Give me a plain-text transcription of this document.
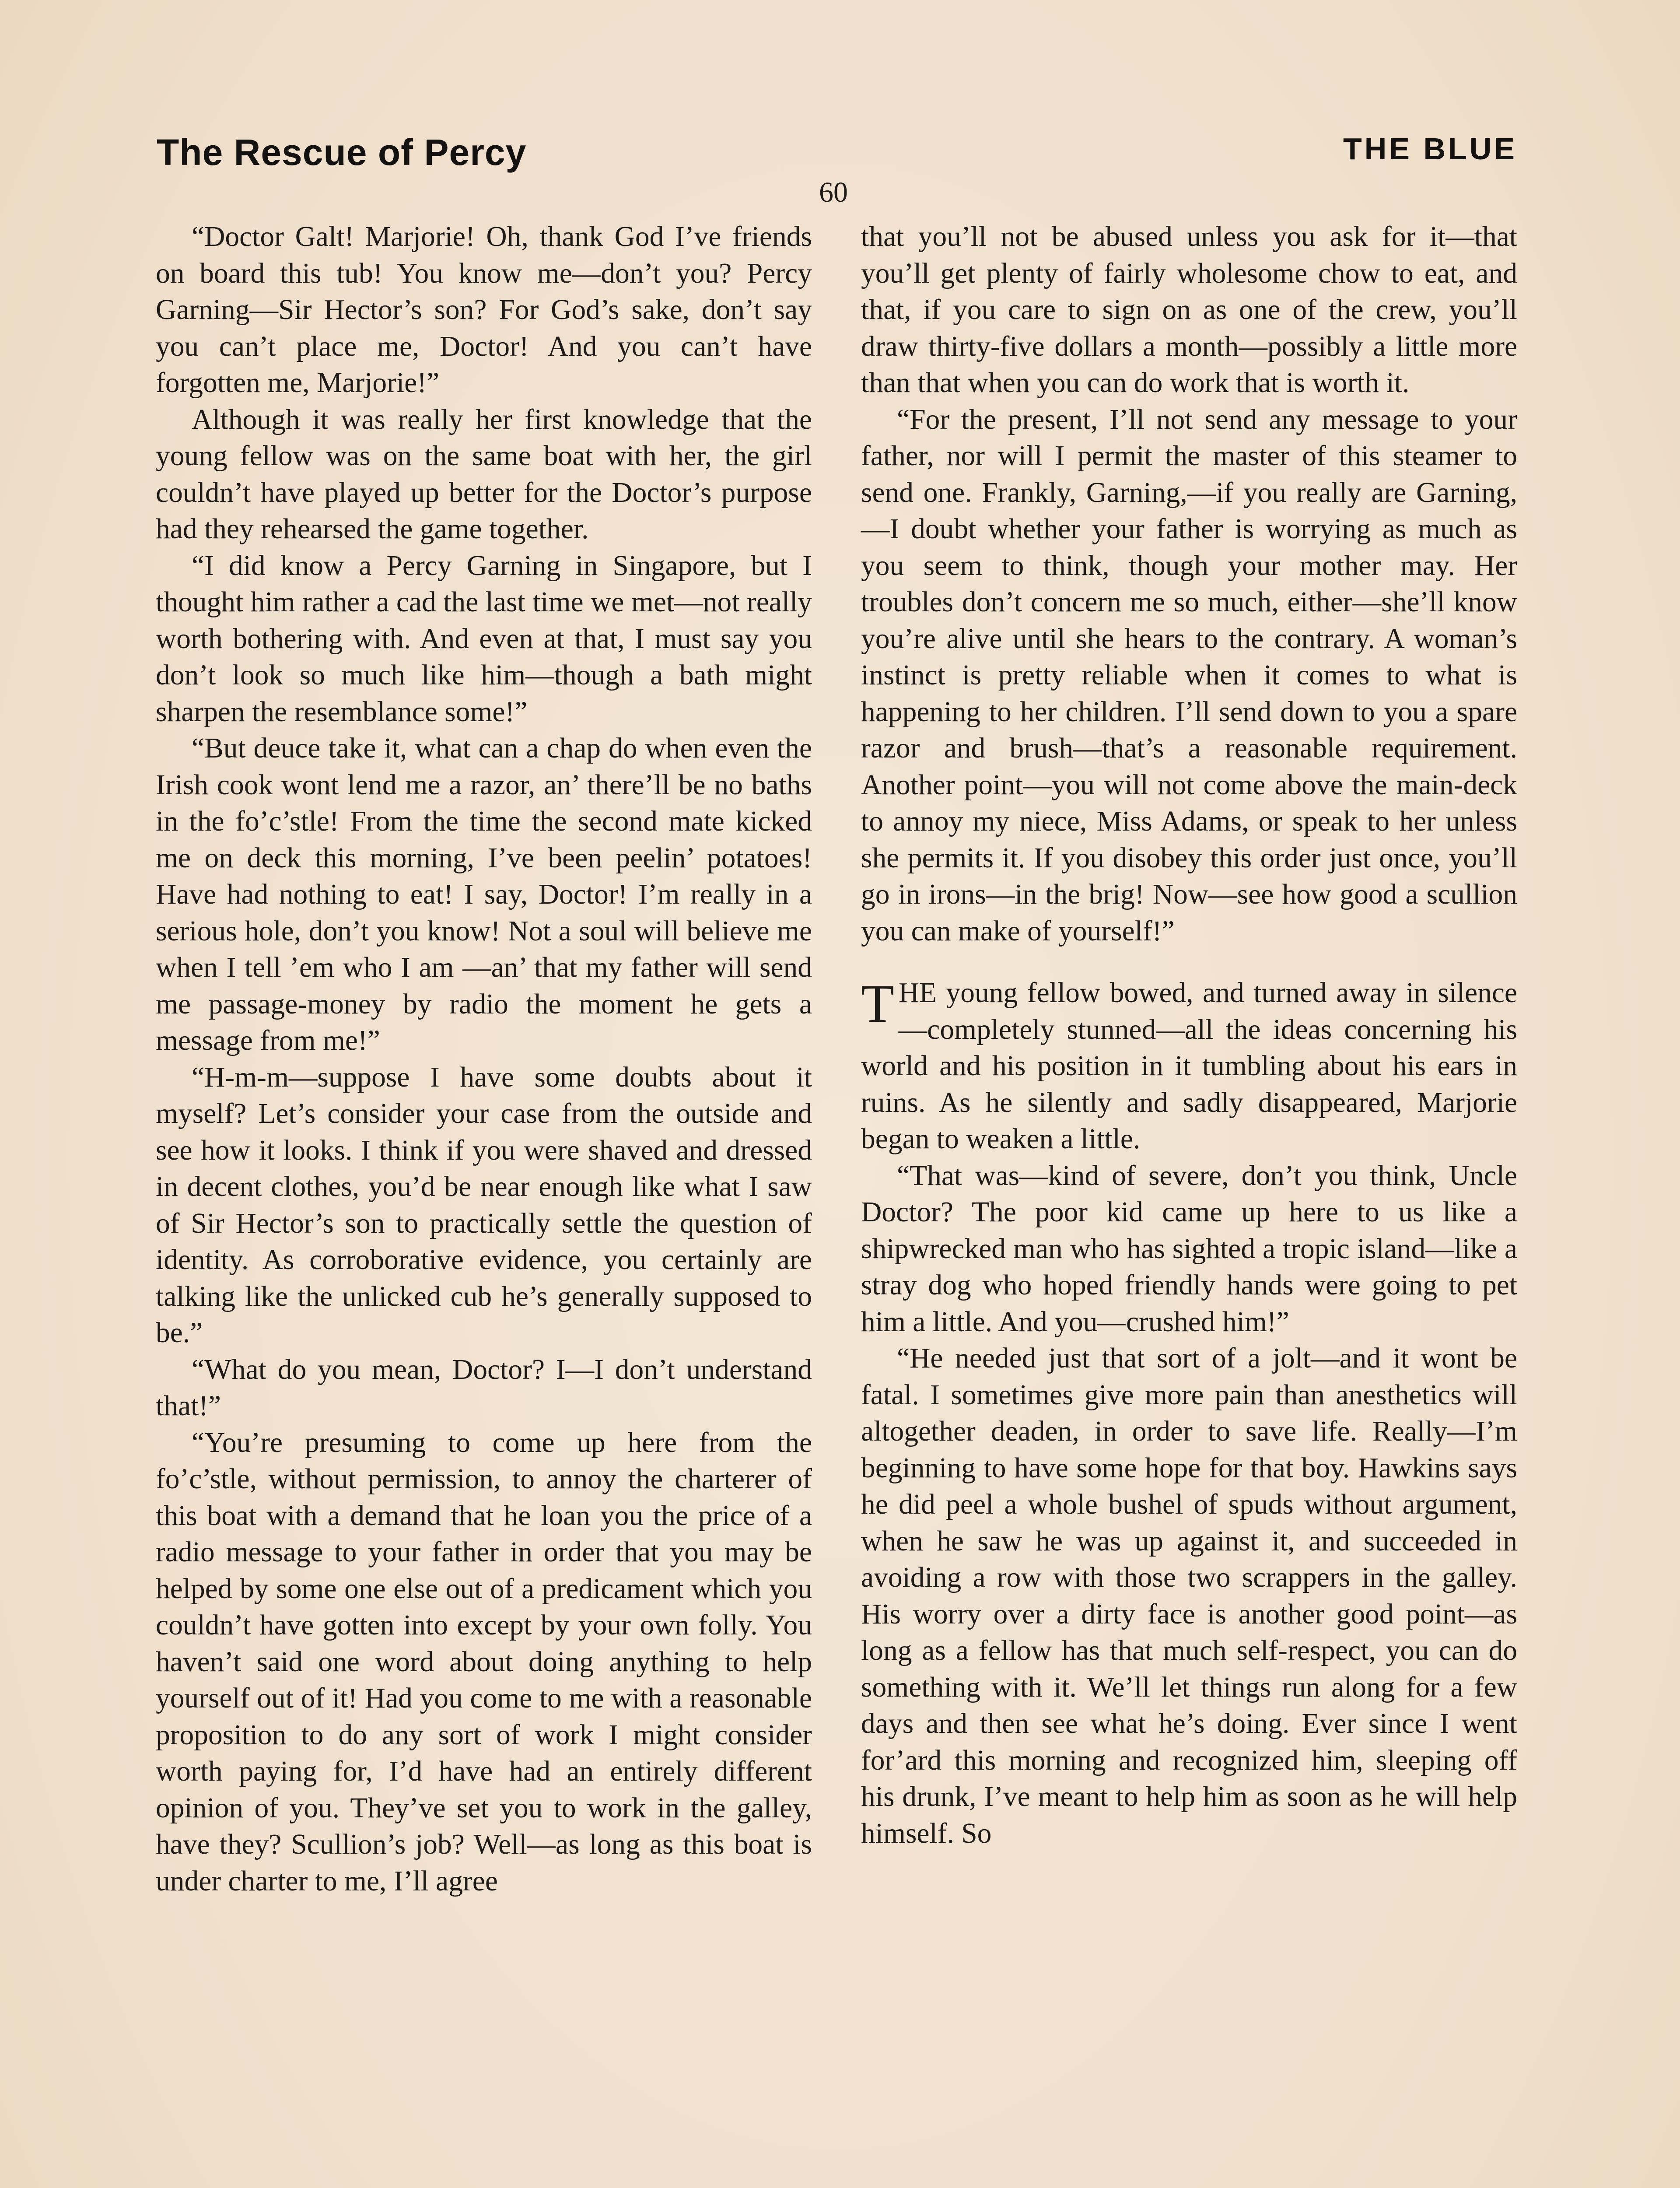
The Rescue of Percy	THE BLUE
60

“Doctor Galt! Marjorie! Oh, thank God I’ve friends on board this tub! You know me—don’t you? Percy Garning—Sir Hector’s son? For God’s sake, don’t say you can’t place me, Doctor! And you can’t have forgotten me, Marjorie!”

Although it was really her first knowledge that the young fellow was on the same boat with her, the girl couldn’t have played up better for the Doctor’s purpose had they rehearsed the game together.

“I did know a Percy Garning in Singapore, but I thought him rather a cad the last time we met—not really worth bothering with. And even at that, I must say you don’t look so much like him—though a bath might sharpen the resemblance some!”

“But deuce take it, what can a chap do when even the Irish cook wont lend me a razor, an’ there’ll be no baths in the fo’c’stle! From the time the second mate kicked me on deck this morning, I’ve been peelin’ potatoes! Have had nothing to eat! I say, Doctor! I’m really in a serious hole, don’t you know! Not a soul will believe me when I tell ’em who I am —an’ that my father will send me passage-money by radio the moment he gets a message from me!”

“H-m-m—suppose I have some doubts about it myself? Let’s consider your case from the outside and see how it looks. I think if you were shaved and dressed in decent clothes, you’d be near enough like what I saw of Sir Hector’s son to practically settle the question of identity. As corroborative evidence, you certainly are talking like the unlicked cub he’s generally supposed to be.”

“What do you mean, Doctor? I—I don’t understand that!”

“You’re presuming to come up here from the fo’c’stle, without permission, to annoy the charterer of this boat with a demand that he loan you the price of a radio message to your father in order that you may be helped by some one else out of a predicament which you couldn’t have gotten into except by your own folly. You haven’t said one word about doing anything to help yourself out of it! Had you come to me with a reasonable proposition to do any sort of work I might consider worth paying for, I’d have had an entirely different opinion of you. They’ve set you to work in the galley, have they? Scullion’s job? Well—as long as this boat is under charter to me, I’ll agree

that you’ll not be abused unless you ask for it—that you’ll get plenty of fairly wholesome chow to eat, and that, if you care to sign on as one of the crew, you’ll draw thirty-five dollars a month—possibly a little more than that when you can do work that is worth it.

“For the present, I’ll not send any message to your father, nor will I permit the master of this steamer to send one. Frankly, Garning,—if you really are Garning,—I doubt whether your father is worrying as much as you seem to think, though your mother may. Her troubles don’t concern me so much, either—she’ll know you’re alive until she hears to the contrary. A woman’s instinct is pretty reliable when it comes to what is happening to her children. I’ll send down to you a spare razor and brush—that’s a reasonable requirement. Another point—you will not come above the main-deck to annoy my niece, Miss Adams, or speak to her unless she permits it. If you disobey this order just once, you’ll go in irons—in the brig! Now—see how good a scullion you can make of yourself!”

THE young fellow bowed, and turned away in silence—completely stunned—all the ideas concerning his world and his position in it tumbling about his ears in ruins. As he silently and sadly disappeared, Marjorie began to weaken a little.

“That was—kind of severe, don’t you think, Uncle Doctor? The poor kid came up here to us like a shipwrecked man who has sighted a tropic island—like a stray dog who hoped friendly hands were going to pet him a little. And you—crushed him!”

“He needed just that sort of a jolt—and it wont be fatal. I sometimes give more pain than anesthetics will altogether deaden, in order to save life. Really—I’m beginning to have some hope for that boy. Hawkins says he did peel a whole bushel of spuds without argument, when he saw he was up against it, and succeeded in avoiding a row with those two scrappers in the galley. His worry over a dirty face is another good point—as long as a fellow has that much self-respect, you can do something with it. We’ll let things run along for a few days and then see what he’s doing. Ever since I went for’ard this morning and recognized him, sleeping off his drunk, I’ve meant to help him as soon as he will help himself. So
